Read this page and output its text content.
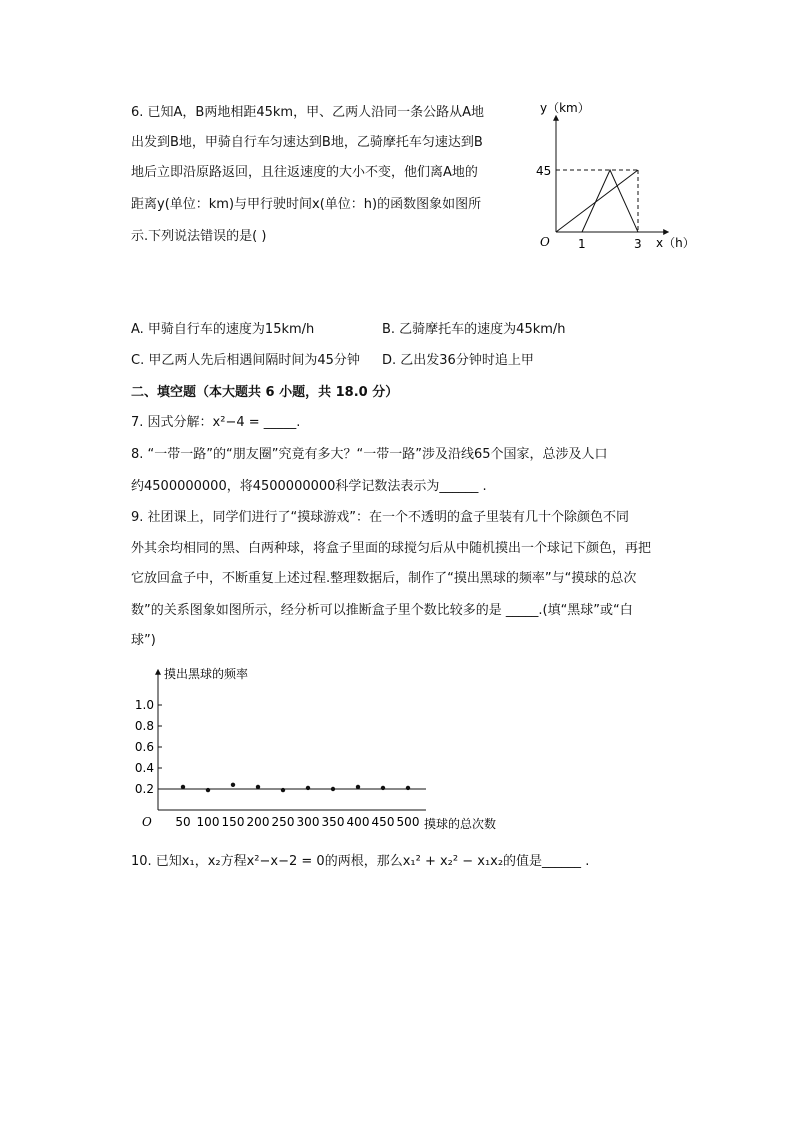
6. 已知A，B两地相距45km，甲、乙两人沿同一条公路从A地
出发到B地，甲骑自行车匀速达到B地，乙骑摩托车匀速达到B
地后立即沿原路返回，且往返速度的大小不变，他们离A地的
距离y(单位：km)与甲行驶时间x(单位：h)的函数图象如图所
示.下列说法错误的是( )
y（km）
x（h）
O
45
1	3
A. 甲骑自行车的速度为15km/h	B. 乙骑摩托车的速度为45km/h
C. 甲乙两人先后相遇间隔时间为45分钟 D. 乙出发36分钟时追上甲
二、填空题（本大题共 6 小题，共 18.0 分）
7. 因式分解：x²−4 = _____.
8. “一带一路”的“朋友圈”究竟有多大？“一带一路”涉及沿线65个国家，总涉及人口
约4500000000，将4500000000科学记数法表示为______ .
9. 社团课上，同学们进行了“摸球游戏”：在一个不透明的盒子里装有几十个除颜色不同
外其余均相同的黑、白两种球，将盒子里面的球搅匀后从中随机摸出一个球记下颜色，再把
它放回盒子中，不断重复上述过程.整理数据后，制作了“摸出黑球的频率”与“摸球的总次
数”的关系图象如图所示，经分析可以推断盒子里个数比较多的是 _____.(填“黑球”或“白
球”)
摸出黑球的频率
摸球的总次数
O
0.2
0.4
0.6
0.8
1.0
50 100 150 200 250 300 350 400 450 500
10. 已知x₁，x₂方程x²−x−2 = 0的两根，那么x₁² + x₂² − x₁x₂的值是______ .
